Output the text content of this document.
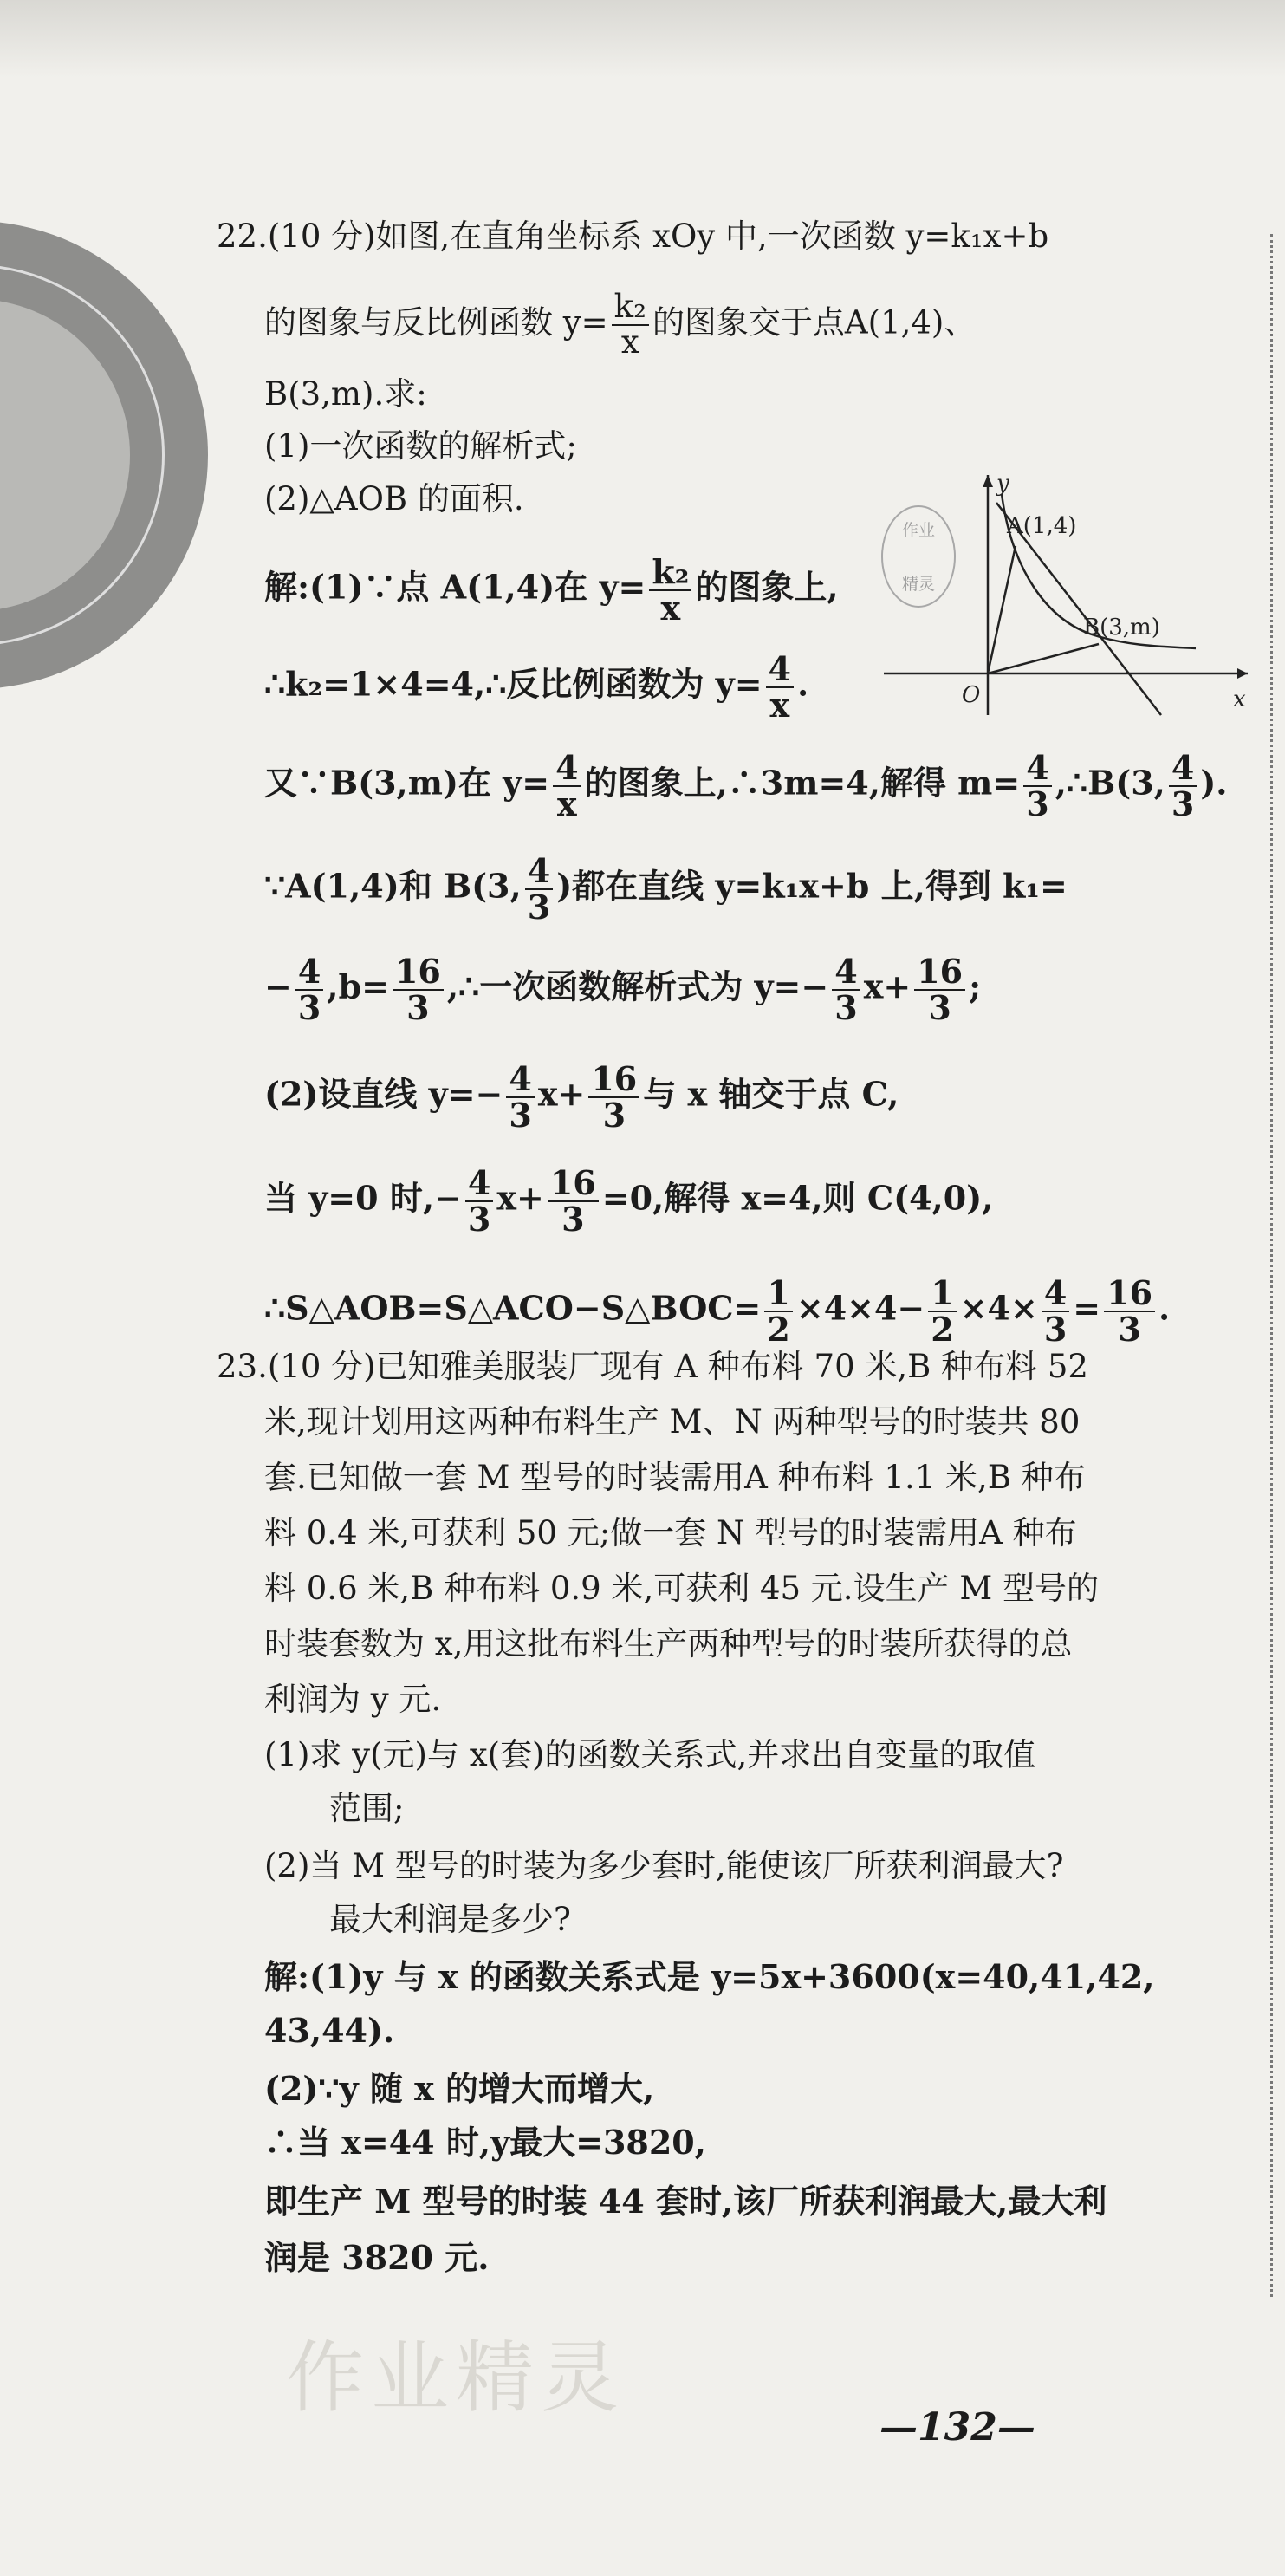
22.(10 分)如图,在直角坐标系 xOy 中,一次函数 y=k₁x+b
的图象与反比例函数 $y= \frac{\text{k₂}}{x}$ 的图象交于点A(1,4)、
B(3,m).求:
(1)一次函数的解析式;
(2)△AOB 的面积.
解:(1)∵点 A(1,4)在 $y= \frac{\text{k₂}}{x}$ 的图象上,
∴k₂=1×4=4,∴反比例函数为 $y= \frac{4}{x}$ .
又∵B(3,m)在 $y= \frac{4}{x}$ 的图象上,∴3m=4,解得 $m= \frac{4}{3}$ ,∴B(3, $\frac{4}{3}$ ).
∵A(1,4)和 B(3, $\frac{4}{3}$ )都在直线 y=k₁x+b 上,得到 k₁=
− $\frac{4}{3} ,b= \frac{16}{3}$ ,∴一次函数解析式为 $y=- \frac{4}{3} x+ \frac{16}{3}$ ;
(2)设直线 $y=- \frac{4}{3} x+ \frac{16}{3}$ 与 x 轴交于点 C,
当 y=0 时,− $\frac{4}{3} x+ \frac{16}{3} =0$,解得 x=4,则 C(4,0),
∴S△AOB=S△ACO−S△BOC= $\frac{1}{2} \times 4\times 4- \frac{1}{2} \times 4\times \frac{4}{3} = \frac{16}{3}$ .
作业
精灵
y
x
O
A(1,4)
B(3,m)
23.(10 分)已知雅美服装厂现有 A 种布料 70 米,B 种布料 52
米,现计划用这两种布料生产 M、N 两种型号的时装共 80
套.已知做一套 M 型号的时装需用A 种布料 1.1 米,B 种布
料 0.4 米,可获利 50 元;做一套 N 型号的时装需用A 种布
料 0.6 米,B 种布料 0.9 米,可获利 45 元.设生产 M 型号的
时装套数为 x,用这批布料生产两种型号的时装所获得的总
利润为 y 元.
(1)求 y(元)与 x(套)的函数关系式,并求出自变量的取值
范围;
(2)当 M 型号的时装为多少套时,能使该厂所获利润最大?
最大利润是多少?
解:(1)y 与 x 的函数关系式是 y=5x+3600(x=40,41,42,
43,44).
(2)∵y 随 x 的增大而增大,
∴当 x=44 时,y最大=3820,
即生产 M 型号的时装 44 套时,该厂所获利润最大,最大利
润是 3820 元.
作业精灵
—132—
